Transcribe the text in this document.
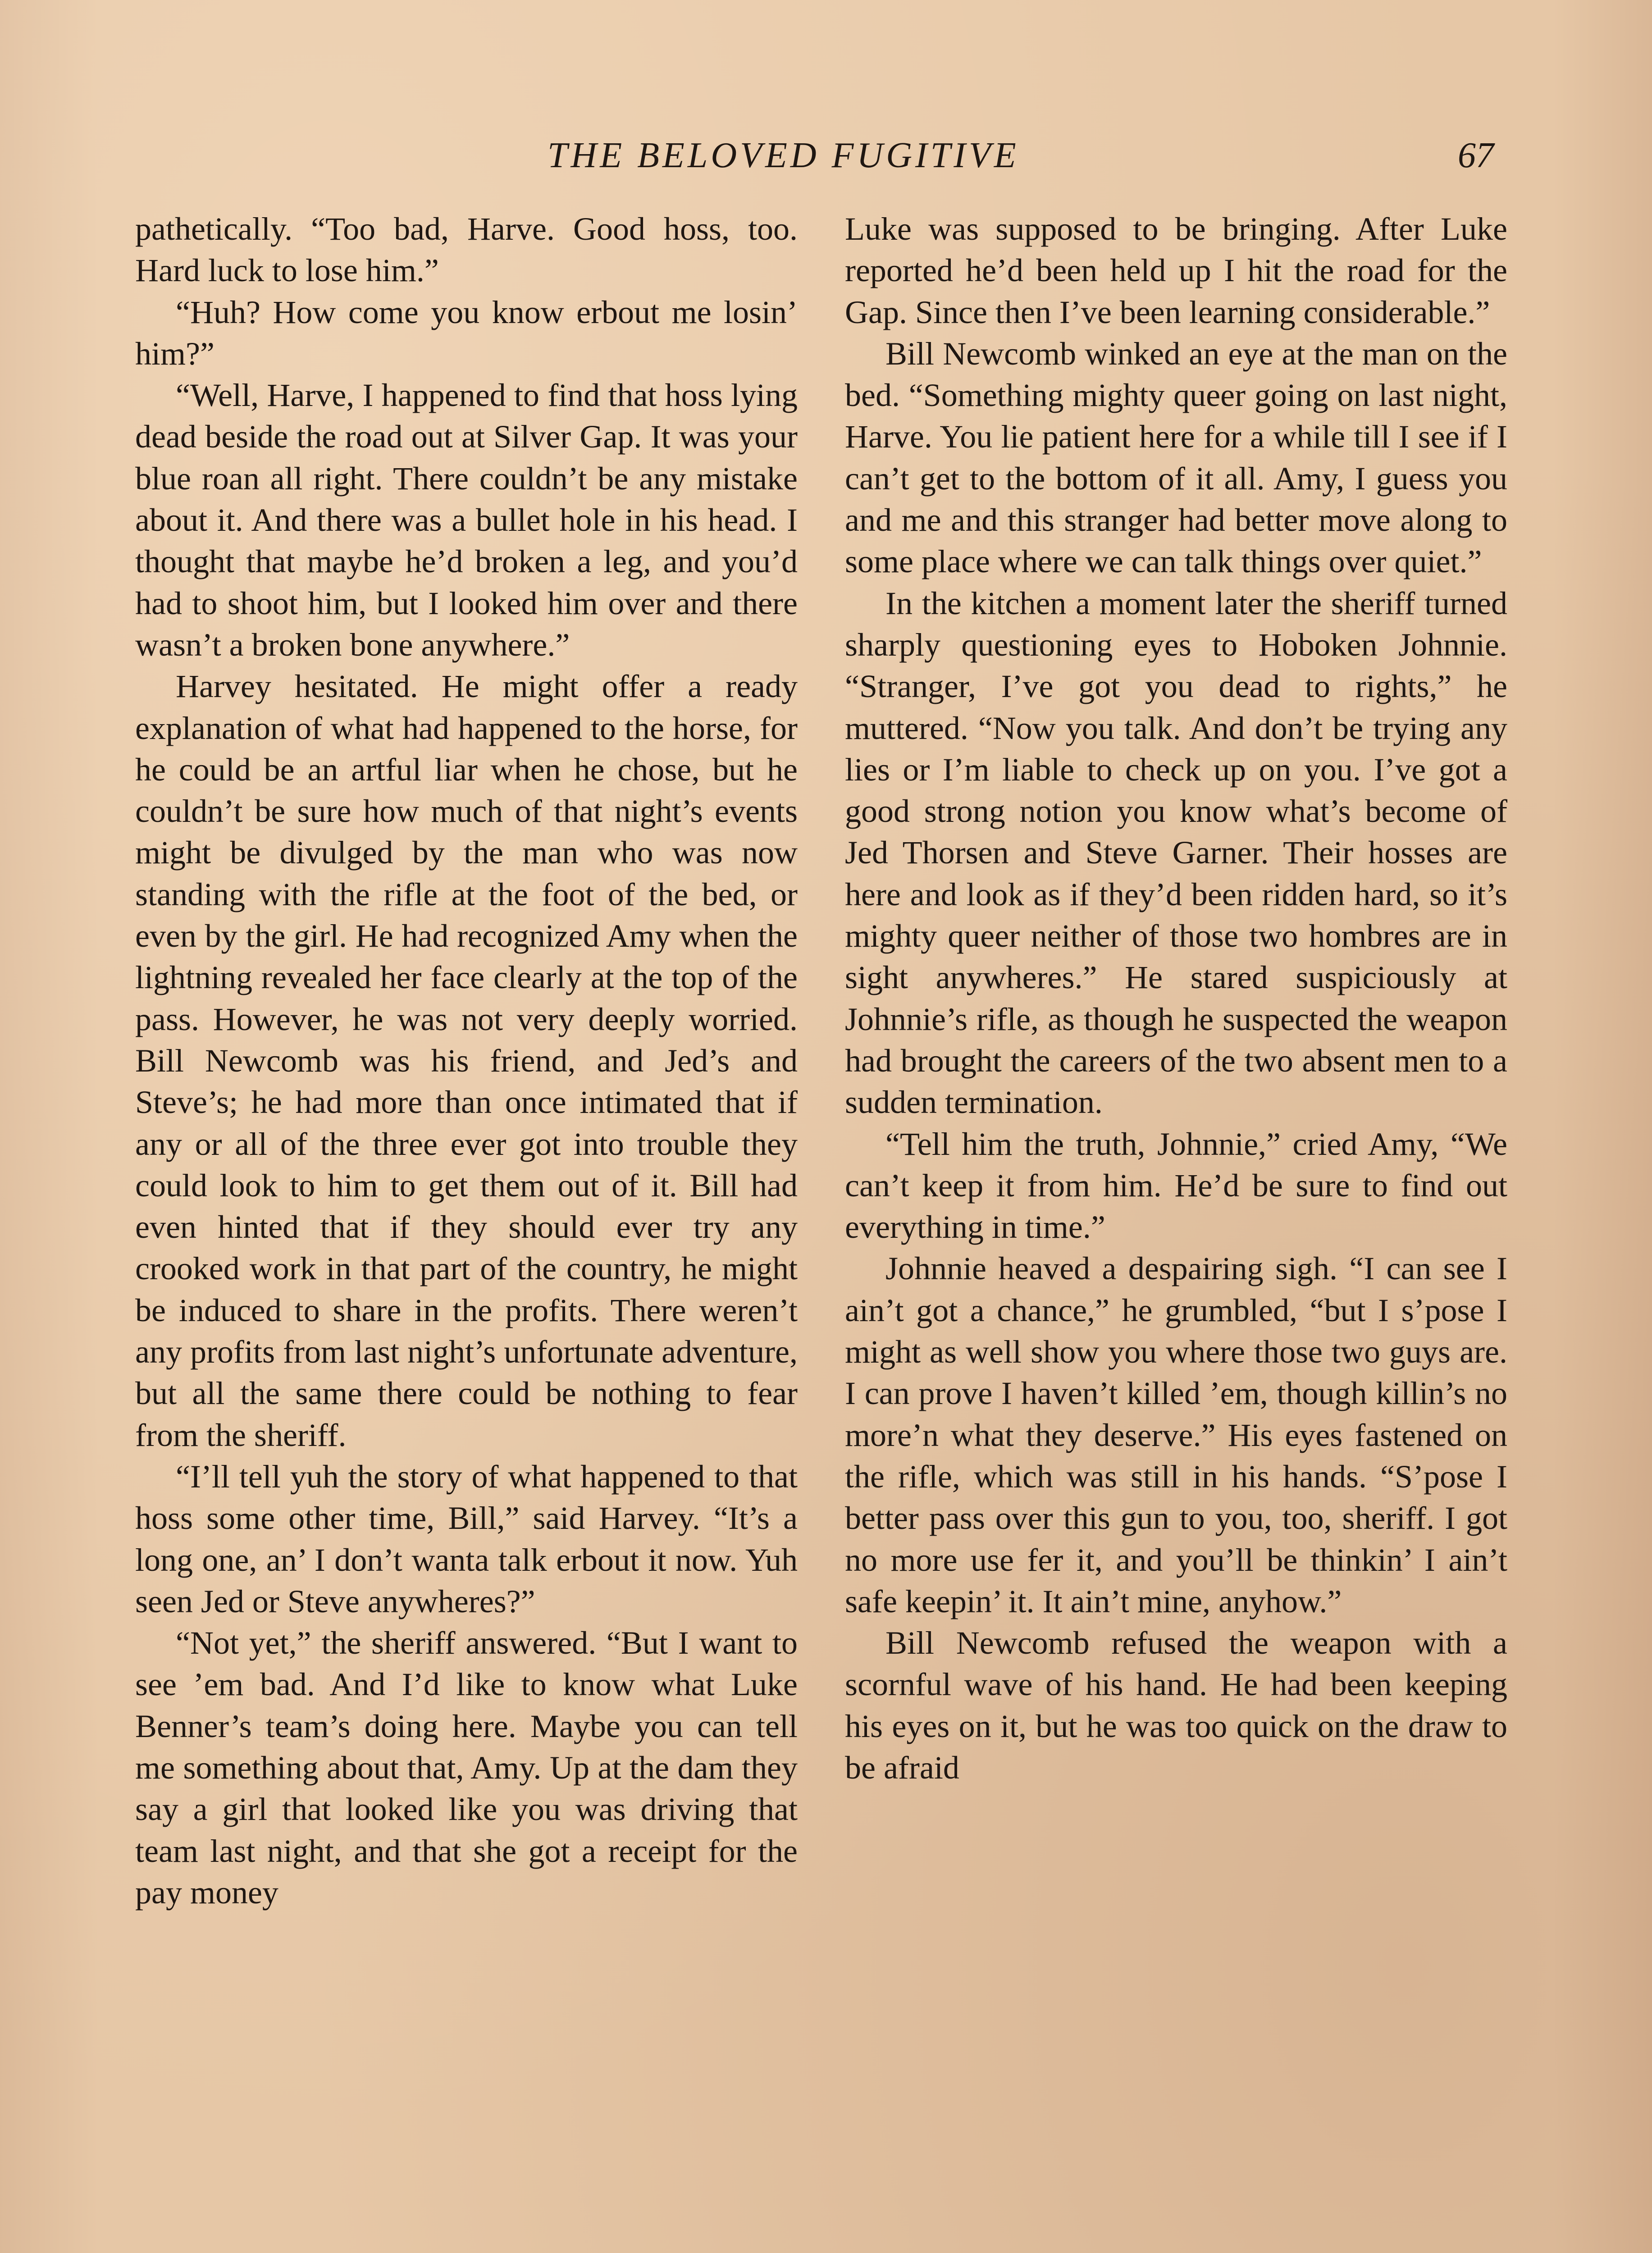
THE BELOVED FUGITIVE	67

pathetically. “Too bad, Harve. Good hoss, too. Hard luck to lose him.”

“Huh? How come you know erbout me losin’ him?”

“Well, Harve, I happened to find that hoss lying dead beside the road out at Silver Gap. It was your blue roan all right. There couldn’t be any mistake about it. And there was a bullet hole in his head. I thought that maybe he’d broken a leg, and you’d had to shoot him, but I looked him over and there wasn’t a broken bone anywhere.”

Harvey hesitated. He might offer a ready explanation of what had happened to the horse, for he could be an artful liar when he chose, but he couldn’t be sure how much of that night’s events might be divulged by the man who was now standing with the rifle at the foot of the bed, or even by the girl. He had recognized Amy when the lightning revealed her face clearly at the top of the pass. However, he was not very deeply worried. Bill Newcomb was his friend, and Jed’s and Steve’s; he had more than once intimated that if any or all of the three ever got into trouble they could look to him to get them out of it. Bill had even hinted that if they should ever try any crooked work in that part of the country, he might be induced to share in the profits. There weren’t any profits from last night’s unfortunate adventure, but all the same there could be nothing to fear from the sheriff.

“I’ll tell yuh the story of what happened to that hoss some other time, Bill,” said Harvey. “It’s a long one, an’ I don’t wanta talk erbout it now. Yuh seen Jed or Steve anywheres?”

“Not yet,” the sheriff answered. “But I want to see ’em bad. And I’d like to know what Luke Benner’s team’s doing here. Maybe you can tell me something about that, Amy. Up at the dam they say a girl that looked like you was driving that team last night, and that she got a receipt for the pay money

Luke was supposed to be bringing. After Luke reported he’d been held up I hit the road for the Gap. Since then I’ve been learning considerable.”

Bill Newcomb winked an eye at the man on the bed. “Something mighty queer going on last night, Harve. You lie patient here for a while till I see if I can’t get to the bottom of it all. Amy, I guess you and me and this stranger had better move along to some place where we can talk things over quiet.”

In the kitchen a moment later the sheriff turned sharply questioning eyes to Hoboken Johnnie. “Stranger, I’ve got you dead to rights,” he muttered. “Now you talk. And don’t be trying any lies or I’m liable to check up on you. I’ve got a good strong notion you know what’s become of Jed Thorsen and Steve Garner. Their hosses are here and look as if they’d been ridden hard, so it’s mighty queer neither of those two hombres are in sight anywheres.” He stared suspiciously at Johnnie’s rifle, as though he suspected the weapon had brought the careers of the two absent men to a sudden termination.

“Tell him the truth, Johnnie,” cried Amy, “We can’t keep it from him. He’d be sure to find out everything in time.”

Johnnie heaved a despairing sigh. “I can see I ain’t got a chance,” he grumbled, “but I s’pose I might as well show you where those two guys are. I can prove I haven’t killed ’em, though killin’s no more’n what they deserve.” His eyes fastened on the rifle, which was still in his hands. “S’pose I better pass over this gun to you, too, sheriff. I got no more use fer it, and you’ll be thinkin’ I ain’t safe keepin’ it. It ain’t mine, anyhow.”

Bill Newcomb refused the weapon with a scornful wave of his hand. He had been keeping his eyes on it, but he was too quick on the draw to be afraid
